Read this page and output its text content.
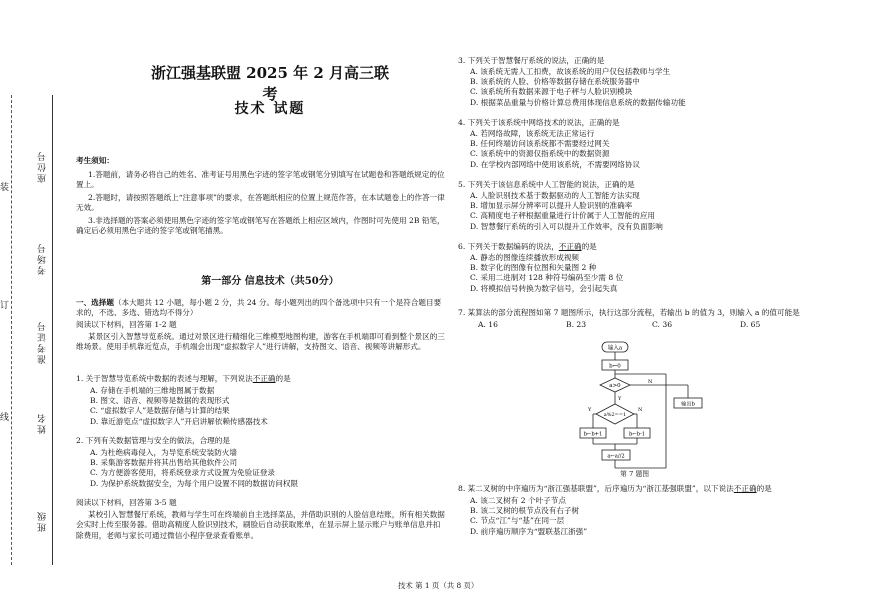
装
订
线
座位号
考场号
准考证号
姓名
班级
浙江强基联盟 2025 年 2 月高三联考
技术 试题
考生须知：
1.答题前，请务必将自己的姓名、准考证号用黑色字迹的签字笔或钢笔分别填写在试题卷和答题纸规定的位置上。
2.答题时，请按照答题纸上“注意事项”的要求，在答题纸相应的位置上规范作答，在本试题卷上的作答一律无效。
3.非选择题的答案必须使用黑色字迹的签字笔或钢笔写在答题纸上相应区域内，作图时可先使用 2B 铅笔，确定后必须用黑色字迹的签字笔或钢笔描黑。
第一部分 信息技术（共50分）
一、选择题（本大题共 12 小题，每小题 2 分，共 24 分。每小题列出的四个备选项中只有一个是符合题目要求的，不选、多选、错选均不得分）
阅读以下材料，回答第 1-2 题
某景区引入智慧导览系统。通过对景区进行精细化三维模型地图构建，游客在手机端即可看到整个景区的三维场景。使用手机靠近览点，手机端会出现“虚拟数字人”进行讲解，支持图文、语音、视频等讲解形式。
1. 关于智慧导览系统中数据的表述与理解，下列说法不正确的是
A. 存储在手机端的三维地图属于数据
B. 图文、语音、视频等是数据的表现形式
C. “虚拟数字人”是数据存储与计算的结果
D. 靠近游览点“虚拟数字人”开启讲解依赖传感器技术
2. 下列有关数据管理与安全的做法，合理的是
A. 为杜绝病毒侵入，为导览系统安装防火墙
B. 采集游客数据并将其出售给其他软件公司
C. 为方便游客使用，将系统登录方式设置为免验证登录
D. 为保护系统数据安全，为每个用户设置不同的数据访问权限
阅读以下材料，回答第 3-5 题
某校引入智慧餐厅系统，教师与学生可在终端前自主选择菜品，并借助识别的人脸信息结账，所有相关数据会实时上传至服务器。借助高精度人脸识别技术，刷脸后自动获取账单，在显示屏上显示账户与账单信息并扣除费用，老师与家长可通过微信小程序登录查看账单。
3. 下列关于智慧餐厅系统的说法，正确的是
A. 该系统无需人工扣费，故该系统的用户仅包括教师与学生
B. 该系统的人脸、价格等数据存储在系统服务器中
C. 该系统所有数据来源于电子秤与人脸识别模块
D. 根据菜品重量与价格计算总费用体现信息系统的数据传输功能
4. 下列关于该系统中网络技术的说法，正确的是
A. 若网络故障，该系统无法正常运行
B. 任何终端访问该系统都不需要经过网关
C. 该系统中的资源仅指系统中的数据资源
D. 在学校内部网络中使用该系统，不需要网络协议
5. 下列关于该信息系统中人工智能的说法，正确的是
A. 人脸识别技术基于数据驱动的人工智能方法实现
B. 增加显示屏分辨率可以提升人脸识别的准确率
C. 高精度电子秤根据重量进行计价属于人工智能的应用
D. 智慧餐厅系统的引入可以提升工作效率，没有负面影响
6. 下列关于数据编码的说法，不正确的是
A. 静态的图像连续播放形成视频
B. 数字化的图像有位图和矢量图 2 种
C. 采用二进制对 128 种符号编码至少需 8 位
D. 将模拟信号转换为数字信号，会引起失真
7. 某算法的部分流程图如第 7 题图所示，执行这部分流程，若输出 b 的值为 3，则输入 a 的值可能是
A. 16	B. 23	C. 36	D. 65
输入a
b←0
a>0
a%2==1
b←b+1	b←b-1
a←a//2
输出b
Y
N
Y	N
第 7 题图
8. 某二叉树的中序遍历为“浙江强基联盟”，后序遍历为“浙江基强联盟”，以下说法不正确的是
A. 该二叉树有 2 个叶子节点
B. 该二叉树的根节点没有右子树
C. 节点“江”与“基”在同一层
D. 前序遍历顺序为“盟联基江浙强”
技术 第 1 页（共 8 页）
